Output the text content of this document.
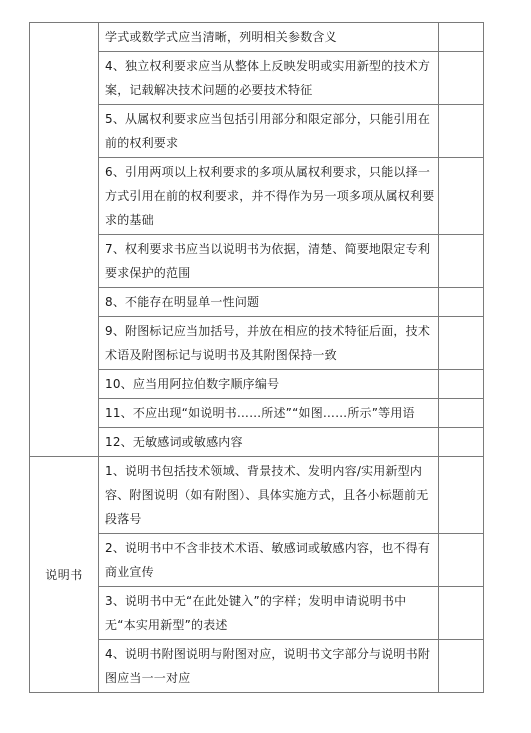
	学式或数学式应当清晰，列明相关参数含义	
	4、独立权利要求应当从整体上反映发明或实用新型的技术方案，记载解决技术问题的必要技术特征	
	5、从属权利要求应当包括引用部分和限定部分，只能引用在前的权利要求	
	6、引用两项以上权利要求的多项从属权利要求，只能以择一方式引用在前的权利要求，并不得作为另一项多项从属权利要求的基础	
	7、权利要求书应当以说明书为依据，清楚、简要地限定专利要求保护的范围	
	8、不能存在明显单一性问题	
	9、附图标记应当加括号，并放在相应的技术特征后面，技术术语及附图标记与说明书及其附图保持一致	
	10、应当用阿拉伯数字顺序编号	
	11、不应出现“如说明书……所述”“如图……所示”等用语	
	12、无敏感词或敏感内容	
说明书	1、说明书包括技术领域、背景技术、发明内容/实用新型内容、附图说明（如有附图）、具体实施方式，且各小标题前无段落号	
	2、说明书中不含非技术术语、敏感词或敏感内容，也不得有商业宣传	
	3、说明书中无“在此处键入”的字样；发明申请说明书中无“本实用新型”的表述	
	4、说明书附图说明与附图对应，说明书文字部分与说明书附图应当一一对应	
